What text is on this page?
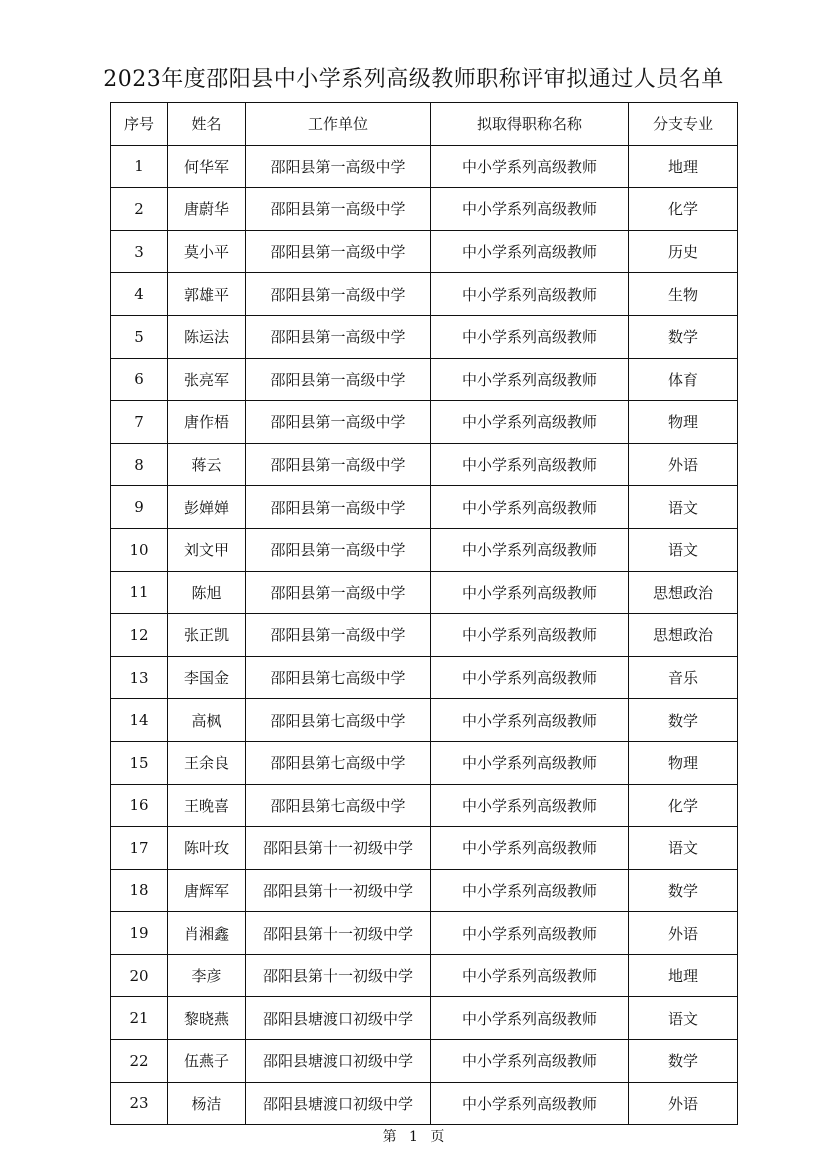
2023年度邵阳县中小学系列高级教师职称评审拟通过人员名单
序号	姓名	工作单位	拟取得职称名称	分支专业
1	何华军	邵阳县第一高级中学	中小学系列高级教师	地理
2	唐蔚华	邵阳县第一高级中学	中小学系列高级教师	化学
3	莫小平	邵阳县第一高级中学	中小学系列高级教师	历史
4	郭雄平	邵阳县第一高级中学	中小学系列高级教师	生物
5	陈运法	邵阳县第一高级中学	中小学系列高级教师	数学
6	张亮军	邵阳县第一高级中学	中小学系列高级教师	体育
7	唐作梧	邵阳县第一高级中学	中小学系列高级教师	物理
8	蒋云	邵阳县第一高级中学	中小学系列高级教师	外语
9	彭婵婵	邵阳县第一高级中学	中小学系列高级教师	语文
10	刘文甲	邵阳县第一高级中学	中小学系列高级教师	语文
11	陈旭	邵阳县第一高级中学	中小学系列高级教师	思想政治
12	张正凯	邵阳县第一高级中学	中小学系列高级教师	思想政治
13	李国金	邵阳县第七高级中学	中小学系列高级教师	音乐
14	高枫	邵阳县第七高级中学	中小学系列高级教师	数学
15	王余良	邵阳县第七高级中学	中小学系列高级教师	物理
16	王晚喜	邵阳县第七高级中学	中小学系列高级教师	化学
17	陈叶玫	邵阳县第十一初级中学	中小学系列高级教师	语文
18	唐辉军	邵阳县第十一初级中学	中小学系列高级教师	数学
19	肖湘鑫	邵阳县第十一初级中学	中小学系列高级教师	外语
20	李彦	邵阳县第十一初级中学	中小学系列高级教师	地理
21	黎晓燕	邵阳县塘渡口初级中学	中小学系列高级教师	语文
22	伍燕子	邵阳县塘渡口初级中学	中小学系列高级教师	数学
23	杨洁	邵阳县塘渡口初级中学	中小学系列高级教师	外语
第 1 页
